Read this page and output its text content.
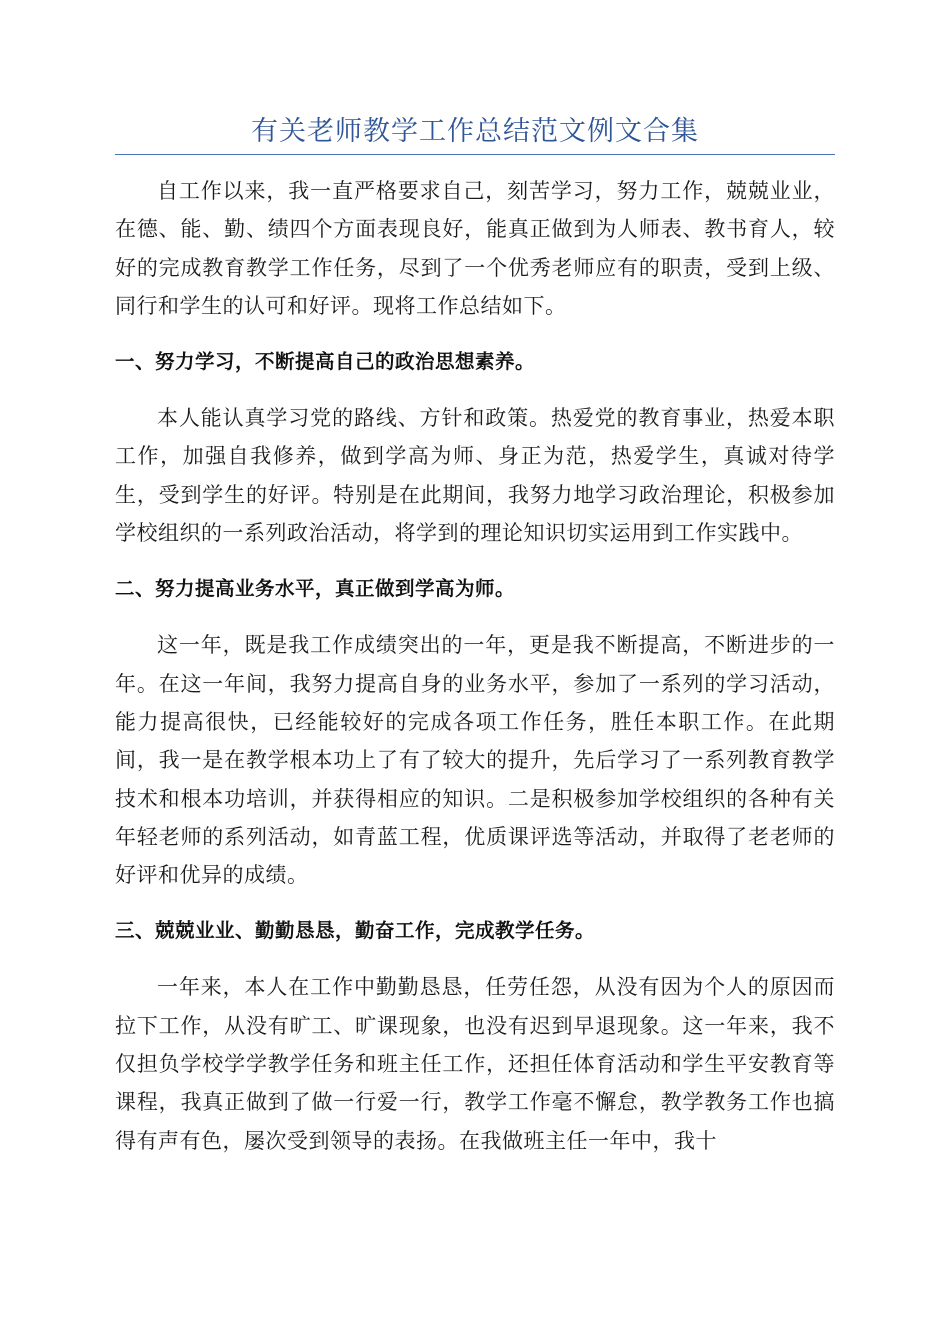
有关老师教学工作总结范文例文合集

自工作以来，我一直严格要求自己，刻苦学习，努力工作，兢兢业业，在德、能、勤、绩四个方面表现良好，能真正做到为人师表、教书育人，较好的完成教育教学工作任务，尽到了一个优秀老师应有的职责，受到上级、同行和学生的认可和好评。现将工作总结如下。

一、努力学习，不断提高自己的政治思想素养。

本人能认真学习党的路线、方针和政策。热爱党的教育事业，热爱本职工作，加强自我修养，做到学高为师、身正为范，热爱学生，真诚对待学生，受到学生的好评。特别是在此期间，我努力地学习政治理论，积极参加学校组织的一系列政治活动，将学到的理论知识切实运用到工作实践中。

二、努力提高业务水平，真正做到学高为师。

这一年，既是我工作成绩突出的一年，更是我不断提高，不断进步的一年。在这一年间，我努力提高自身的业务水平，参加了一系列的学习活动，能力提高很快，已经能较好的完成各项工作任务，胜任本职工作。在此期间，我一是在教学根本功上了有了较大的提升，先后学习了一系列教育教学技术和根本功培训，并获得相应的知识。二是积极参加学校组织的各种有关年轻老师的系列活动，如青蓝工程，优质课评选等活动，并取得了老老师的好评和优异的成绩。

三、兢兢业业、勤勤恳恳，勤奋工作，完成教学任务。

一年来，本人在工作中勤勤恳恳，任劳任怨，从没有因为个人的原因而拉下工作，从没有旷工、旷课现象，也没有迟到早退现象。这一年来，我不仅担负学校学学教学任务和班主任工作，还担任体育活动和学生平安教育等课程，我真正做到了做一行爱一行，教学工作毫不懈怠，教学教务工作也搞得有声有色，屡次受到领导的表扬。在我做班主任一年中，我十
